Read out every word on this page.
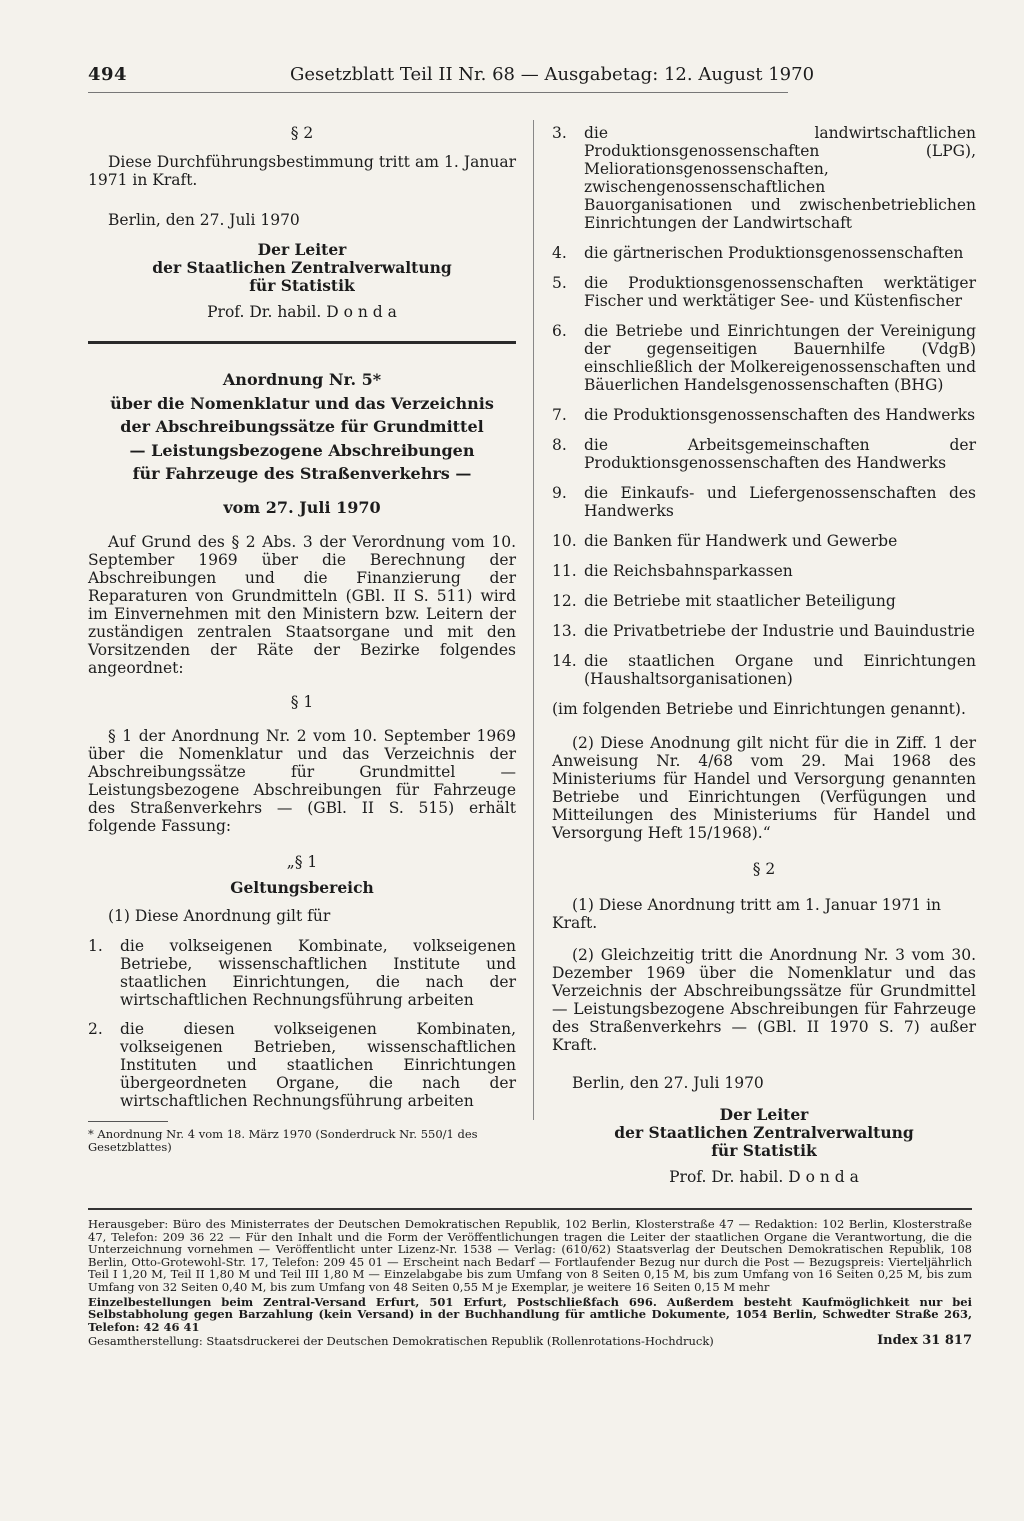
494	Gesetzblatt Teil II Nr. 68 — Ausgabetag: 12. August 1970

§ 2

Diese Durchführungsbestimmung tritt am 1. Januar 1971 in Kraft.

Berlin, den 27. Juli 1970

Der Leiter

der Staatlichen Zentralverwaltung

für Statistik

Prof. Dr. habil. D o n d a

Anordnung Nr. 5*

über die Nomenklatur und das Verzeichnis

der Abschreibungssätze für Grundmittel

— Leistungsbezogene Abschreibungen

für Fahrzeuge des Straßenverkehrs —

vom 27. Juli 1970

Auf Grund des § 2 Abs. 3 der Verordnung vom 10. September 1969 über die Berechnung der Abschreibungen und die Finanzierung der Reparaturen von Grundmitteln (GBl. II S. 511) wird im Einvernehmen mit den Ministern bzw. Leitern der zuständigen zentralen Staatsorgane und mit den Vorsitzenden der Räte der Bezirke folgendes angeordnet:

§ 1

§ 1 der Anordnung Nr. 2 vom 10. September 1969 über die Nomenklatur und das Verzeichnis der Abschreibungssätze für Grundmittel — Leistungsbezogene Abschreibungen für Fahrzeuge des Straßenverkehrs — (GBl. II S. 515) erhält folgende Fassung:

„§ 1

Geltungsbereich

(1) Diese Anordnung gilt für

1. die volkseigenen Kombinate, volkseigenen Betriebe, wissenschaftlichen Institute und staatlichen Einrichtungen, die nach der wirtschaftlichen Rechnungsführung arbeiten
2. die diesen volkseigenen Kombinaten, volkseigenen Betrieben, wissenschaftlichen Instituten und staatlichen Einrichtungen übergeordneten Organe, die nach der wirtschaftlichen Rechnungsführung arbeiten

* Anordnung Nr. 4 vom 18. März 1970 (Sonderdruck Nr. 550/1 des Gesetzblattes)

3. die landwirtschaftlichen Produktionsgenossenschaften (LPG), Meliorationsgenossenschaften, zwischengenossenschaftlichen Bauorganisationen und zwischenbetrieblichen Einrichtungen der Landwirtschaft
4. die gärtnerischen Produktionsgenossenschaften
5. die Produktionsgenossenschaften werktätiger Fischer und werktätiger See- und Küstenfischer
6. die Betriebe und Einrichtungen der Vereinigung der gegenseitigen Bauernhilfe (VdgB) einschließlich der Molkereigenossenschaften und Bäuerlichen Handelsgenossenschaften (BHG)
7. die Produktionsgenossenschaften des Handwerks
8. die Arbeitsgemeinschaften der Produktionsgenossenschaften des Handwerks
9. die Einkaufs- und Liefergenossenschaften des Handwerks
10. die Banken für Handwerk und Gewerbe
11. die Reichsbahnsparkassen
12. die Betriebe mit staatlicher Beteiligung
13. die Privatbetriebe der Industrie und Bauindustrie
14. die staatlichen Organe und Einrichtungen (Haushaltsorganisationen)

(im folgenden Betriebe und Einrichtungen genannt).

(2) Diese Anodnung gilt nicht für die in Ziff. 1 der Anweisung Nr. 4/68 vom 29. Mai 1968 des Ministeriums für Handel und Versorgung genannten Betriebe und Einrichtungen (Verfügungen und Mitteilungen des Ministeriums für Handel und Versorgung Heft 15/1968).“

§ 2

(1) Diese Anordnung tritt am 1. Januar 1971 in Kraft.

(2) Gleichzeitig tritt die Anordnung Nr. 3 vom 30. Dezember 1969 über die Nomenklatur und das Verzeichnis der Abschreibungssätze für Grundmittel — Leistungsbezogene Abschreibungen für Fahrzeuge des Straßenverkehrs — (GBl. II 1970 S. 7) außer Kraft.

Berlin, den 27. Juli 1970

Der Leiter

der Staatlichen Zentralverwaltung

für Statistik

Prof. Dr. habil. D o n d a

Herausgeber: Büro des Ministerrates der Deutschen Demokratischen Republik, 102 Berlin, Klosterstraße 47 — Redaktion: 102 Berlin, Klosterstraße 47, Telefon: 209 36 22 — Für den Inhalt und die Form der Veröffentlichungen tragen die Leiter der staatlichen Organe die Verantwortung, die die Unterzeichnung vornehmen — Veröffentlicht unter Lizenz-Nr. 1538 — Verlag: (610/62) Staatsverlag der Deutschen Demokratischen Republik, 108 Berlin, Otto-Grotewohl-Str. 17, Telefon: 209 45 01 — Erscheint nach Bedarf — Fortlaufender Bezug nur durch die Post — Bezugspreis: Vierteljährlich Teil I 1,20 M, Teil II 1,80 M und Teil III 1,80 M — Einzelabgabe bis zum Umfang von 8 Seiten 0,15 M, bis zum Umfang von 16 Seiten 0,25 M, bis zum Umfang von 32 Seiten 0,40 M, bis zum Umfang von 48 Seiten 0,55 M je Exemplar, je weitere 16 Seiten 0,15 M mehr

Einzelbestellungen beim Zentral-Versand Erfurt, 501 Erfurt, Postschließfach 696. Außerdem besteht Kaufmöglichkeit nur bei Selbstabholung gegen Barzahlung (kein Versand) in der Buchhandlung für amtliche Dokumente, 1054 Berlin, Schwedter Straße 263, Telefon: 42 46 41

Gesamtherstellung: Staatsdruckerei der Deutschen Demokratischen Republik (Rollenrotations-Hochdruck)	Index 31 817
